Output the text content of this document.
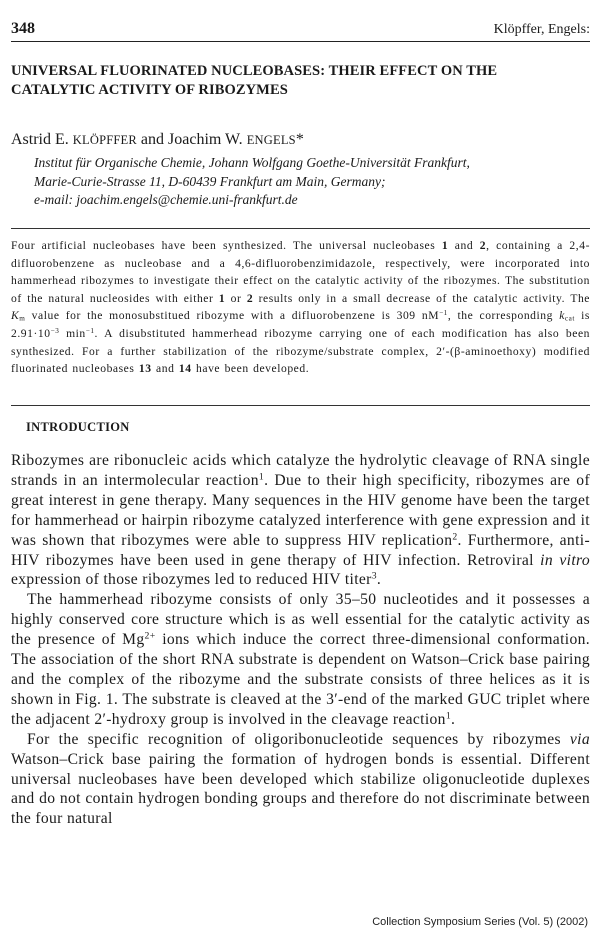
348	Klöpffer, Engels:
UNIVERSAL FLUORINATED NUCLEOBASES: THEIR EFFECT ON THE
CATALYTIC ACTIVITY OF RIBOZYMES
Astrid E. KLÖPFFER and Joachim W. ENGELS*
Institut für Organische Chemie, Johann Wolfgang Goethe-Universität Frankfurt,
Marie-Curie-Strasse 11, D-60439 Frankfurt am Main, Germany;
e-mail: joachim.engels@chemie.uni-frankfurt.de
Four artificial nucleobases have been synthesized. The universal nucleobases 1 and 2, containing a 2,4-difluorobenzene as nucleobase and a 4,6-difluorobenzimidazole, respectively, were incorporated into hammerhead ribozymes to investigate their effect on the catalytic activity of the ribozymes. The substitution of the natural nucleosides with either 1 or 2 results only in a small decrease of the catalytic activity. The $K_m$ value for the monosubstitued ribozyme with a difluorobenzene is 309 $nM^{-1}$, the corresponding $k_{cat}$ is $2.91\cdot 10^{-3}$ $\min^{-1}$. A disubstituted hammerhead ribozyme carrying one of each modification has also been synthesized. For a further stabilization of the ribozyme/substrate complex, 2′-(β-aminoethoxy) modified fluorinated nucleobases 13 and 14 have been developed.
INTRODUCTION

Ribozymes are ribonucleic acids which catalyze the hydrolytic cleavage of RNA single strands in an intermolecular reaction$^1$. Due to their high specificity, ribozymes are of great interest in gene therapy. Many sequences in the HIV genome have been the target for hammerhead or hairpin ribozyme catalyzed interference with gene expression and it was shown that ribozymes were able to suppress HIV replication$^2$. Furthermore, anti-HIV ribozymes have been used in gene therapy of HIV infection. Retroviral in vitro expression of those ribozymes led to reduced HIV titer$^3$.

The hammerhead ribozyme consists of only 35–50 nucleotides and it possesses a highly conserved core structure which is as well essential for the catalytic activity as the presence of $Mg^{2+}$ ions which induce the correct three-dimensional conformation. The association of the short RNA substrate is dependent on Watson–Crick base pairing and the complex of the ribozyme and the substrate consists of three helices as it is shown in Fig. 1. The substrate is cleaved at the 3′-end of the marked GUC triplet where the adjacent 2′-hydroxy group is involved in the cleavage reaction$^1$.

For the specific recognition of oligoribonucleotide sequences by ribozymes via Watson–Crick base pairing the formation of hydrogen bonds is essential. Different universal nucleobases have been developed which stabilize oligonucleotide duplexes and do not contain hydrogen bonding groups and therefore do not discriminate between the four natural

Collection Symposium Series (Vol. 5) (2002)
